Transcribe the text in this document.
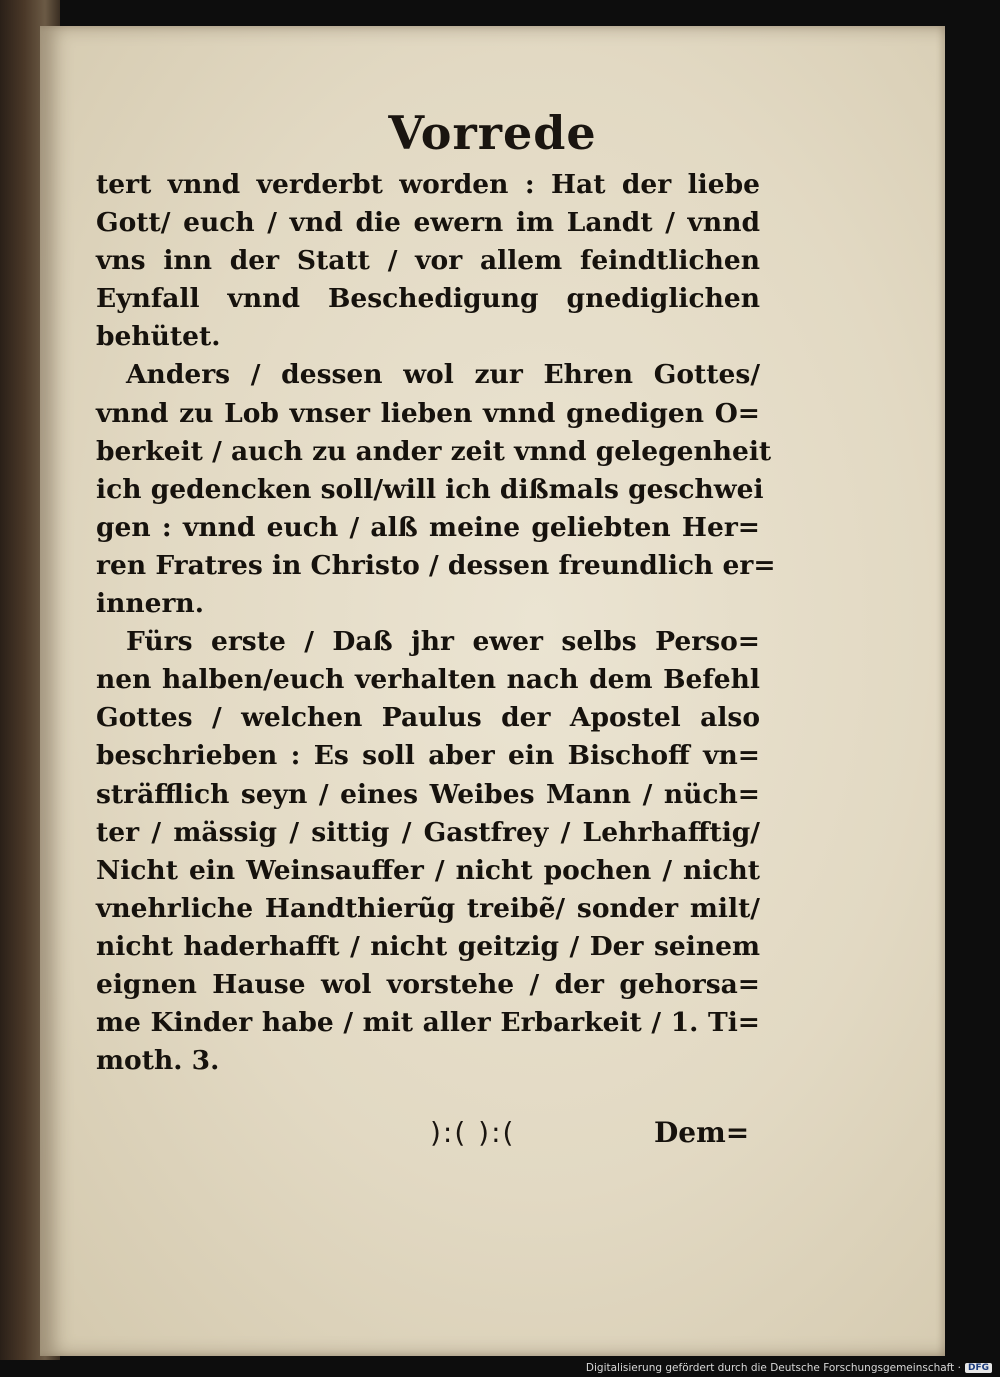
Vorrede
tert vnnd verderbt worden : Hat der liebe
Gott/ euch / vnd die ewern im Landt / vnnd
vns inn der Statt / vor allem feindtlichen
Eynfall vnnd Beschedigung gnediglichen
behütet.
Anders / dessen wol zur Ehren Gottes/
vnnd zu Lob vnser lieben vnnd gnedigen O=
berkeit / auch zu ander zeit vnnd gelegenheit
ich gedencken soll/will ich dißmals geschwei
gen : vnnd euch / alß meine geliebten Her=
ren Fratres in Christo / dessen freundlich er=
innern.
Fürs erste / Daß jhr ewer selbs Perso=
nen halben/euch verhalten nach dem Befehl
Gottes / welchen Paulus der Apostel also
beschrieben : Es soll aber ein Bischoff vn=
sträfflich seyn / eines Weibes Mann / nüch=
ter / mässig / sittig / Gastfrey / Lehrhafftig/
Nicht ein Weinsauffer / nicht pochen / nicht
vnehrliche Handthierũg treibẽ/ sonder milt/
nicht haderhafft / nicht geitzig / Der seinem
eignen Hause wol vorstehe / der gehorsa=
me Kinder habe / mit aller Erbarkeit / 1. Ti=
moth. 3.
):( ):(	Dem=
Digitalisierung gefördert durch die Deutsche Forschungsgemeinschaft · DFG
